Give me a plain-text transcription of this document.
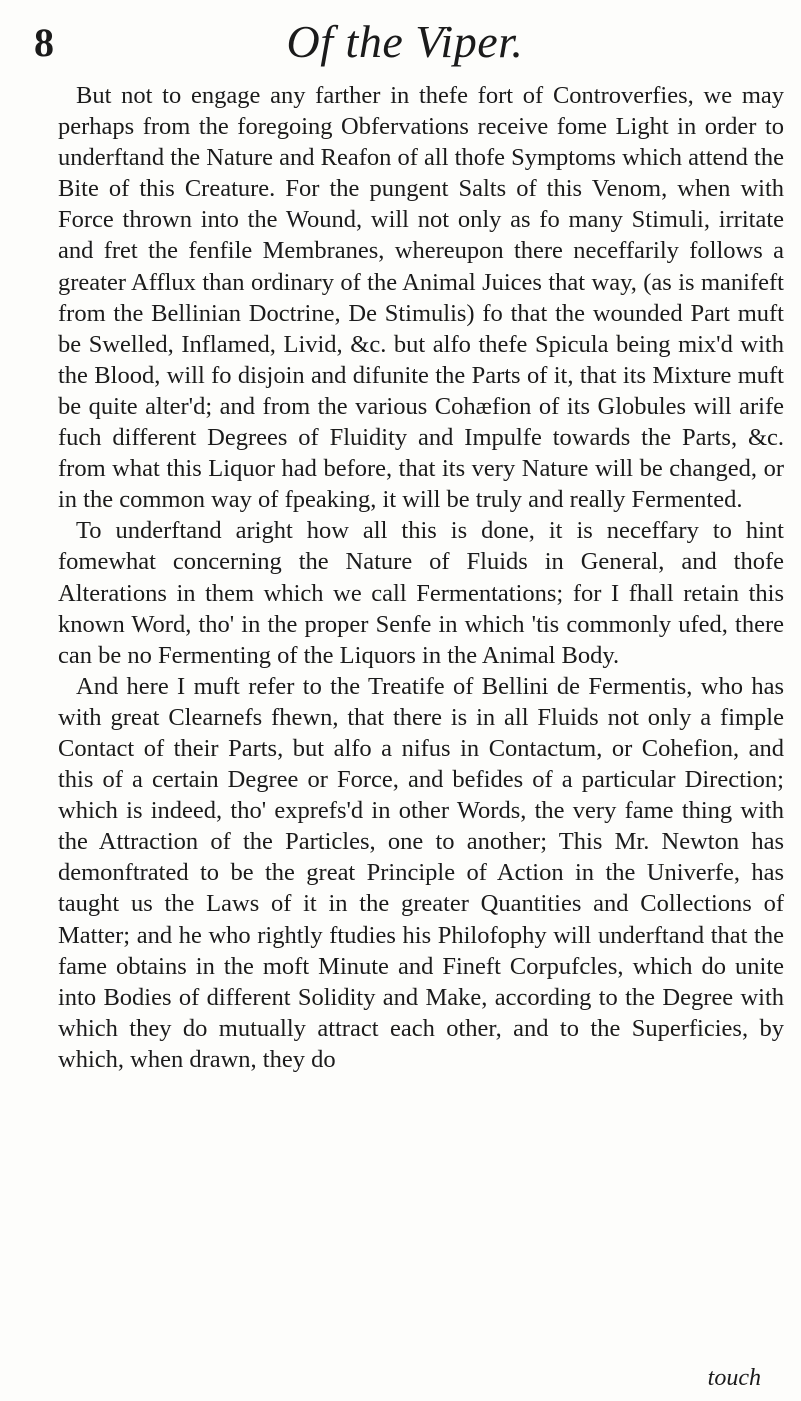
8	Of the Viper.

But not to engage any farther in thefe fort of Controverfies, we may perhaps from the foregoing Obfervations receive fome Light in order to underftand the Nature and Reafon of all thofe Symptoms which attend the Bite of this Creature. For the pungent Salts of this Venom, when with Force thrown into the Wound, will not only as fo many Stimuli, irritate and fret the fenfile Membranes, whereupon there neceffarily follows a greater Afflux than ordinary of the Animal Juices that way, (as is manifeft from the Bellinian Doctrine, De Stimulis) fo that the wounded Part muft be Swelled, Inflamed, Livid, &c. but alfo thefe Spicula being mix'd with the Blood, will fo disjoin and difunite the Parts of it, that its Mixture muft be quite alter'd; and from the various Cohæfion of its Globules will arife fuch different Degrees of Fluidity and Impulfe towards the Parts, &c. from what this Liquor had before, that its very Nature will be changed, or in the common way of fpeaking, it will be truly and really Fermented.

To underftand aright how all this is done, it is neceffary to hint fomewhat concerning the Nature of Fluids in General, and thofe Alterations in them which we call Fermentations; for I fhall retain this known Word, tho' in the proper Senfe in which 'tis commonly ufed, there can be no Fermenting of the Liquors in the Animal Body.

And here I muft refer to the Treatife of Bellini de Fermentis, who has with great Clearnefs fhewn, that there is in all Fluids not only a fimple Contact of their Parts, but alfo a nifus in Contactum, or Cohefion, and this of a certain Degree or Force, and befides of a particular Direction; which is indeed, tho' exprefs'd in other Words, the very fame thing with the Attraction of the Particles, one to another; This Mr. Newton has demonftrated to be the great Principle of Action in the Univerfe, has taught us the Laws of it in the greater Quantities and Collections of Matter; and he who rightly ftudies his Philofophy will underftand that the fame obtains in the moft Minute and Fineft Corpufcles, which do unite into Bodies of different Solidity and Make, according to the Degree with which they do mutually attract each other, and to the Superficies, by which, when drawn, they do

touch
